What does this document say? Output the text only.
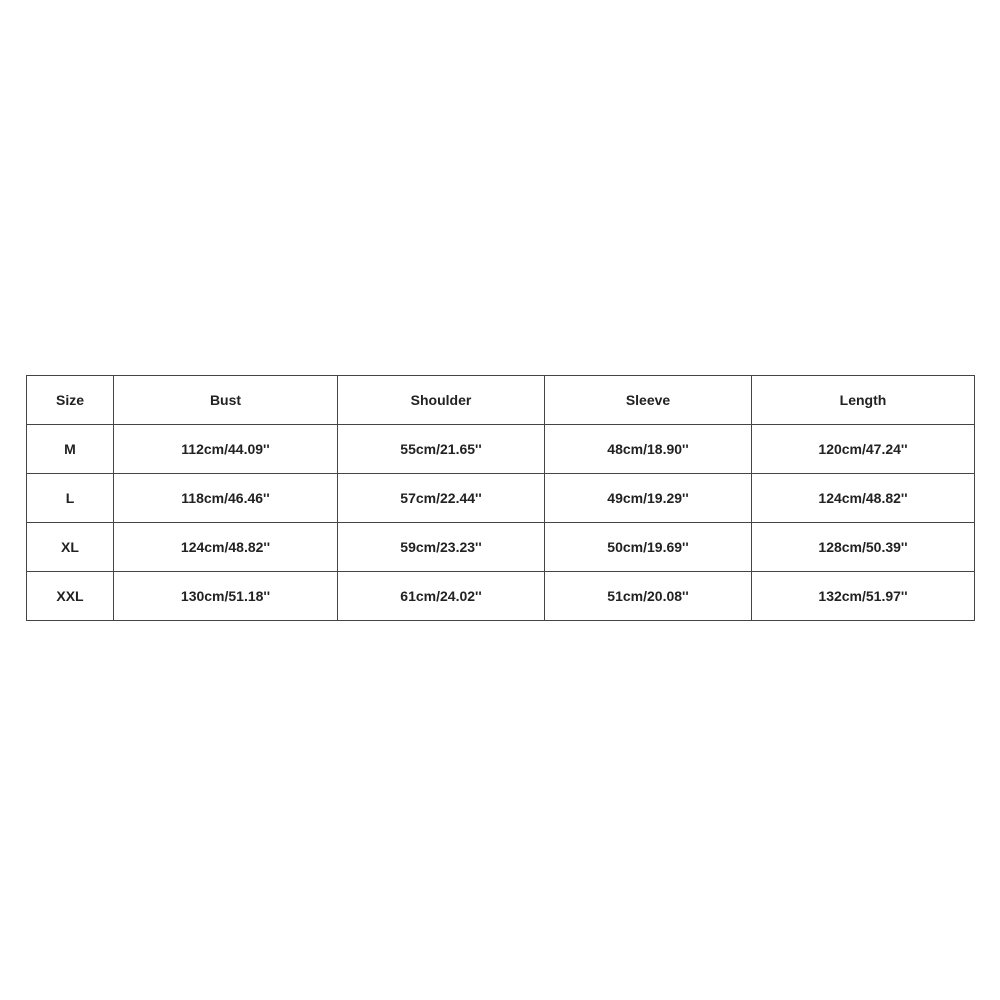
Size	Bust	Shoulder	Sleeve	Length
M	112cm/44.09''	55cm/21.65''	48cm/18.90''	120cm/47.24''
L	118cm/46.46''	57cm/22.44''	49cm/19.29''	124cm/48.82''
XL	124cm/48.82''	59cm/23.23''	50cm/19.69''	128cm/50.39''
XXL	130cm/51.18''	61cm/24.02''	51cm/20.08''	132cm/51.97''
